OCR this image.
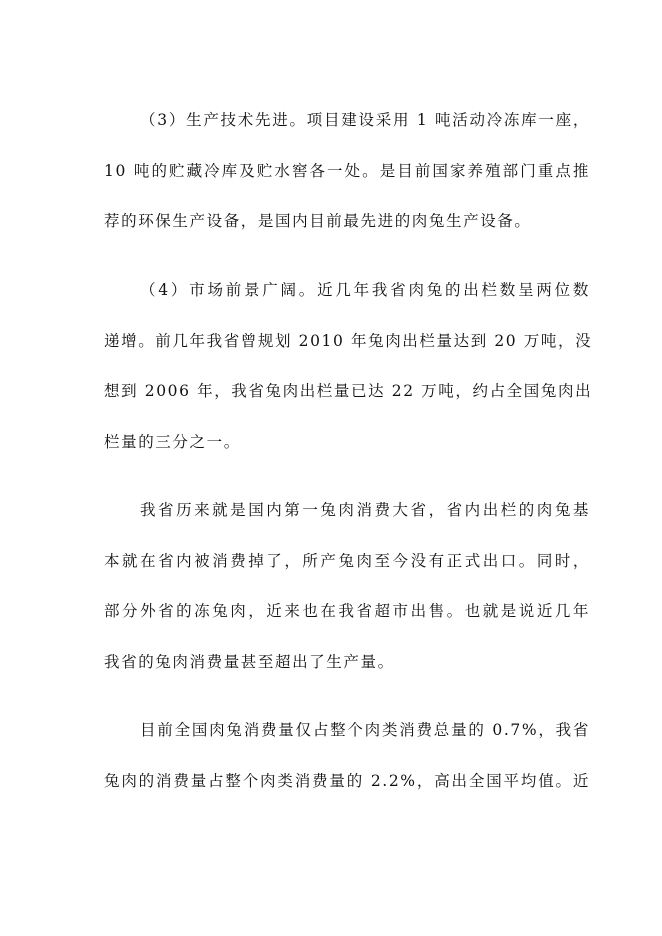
（3）生产技术先进。项目建设采用 1 吨活动冷冻库一座，
10 吨的贮藏冷库及贮水窖各一处。是目前国家养殖部门重点推
荐的环保生产设备，是国内目前最先进的肉兔生产设备。
（4）市场前景广阔。近几年我省肉兔的出栏数呈两位数
递增。前几年我省曾规划 2010 年兔肉出栏量达到 20 万吨，没
想到 2006 年，我省兔肉出栏量已达 22 万吨，约占全国兔肉出
栏量的三分之一。
我省历来就是国内第一兔肉消费大省，省内出栏的肉兔基
本就在省内被消费掉了，所产兔肉至今没有正式出口。同时，
部分外省的冻兔肉，近来也在我省超市出售。也就是说近几年
我省的兔肉消费量甚至超出了生产量。
目前全国肉兔消费量仅占整个肉类消费总量的 0.7%，我省
兔肉的消费量占整个肉类消费量的 2.2%，高出全国平均值。近
